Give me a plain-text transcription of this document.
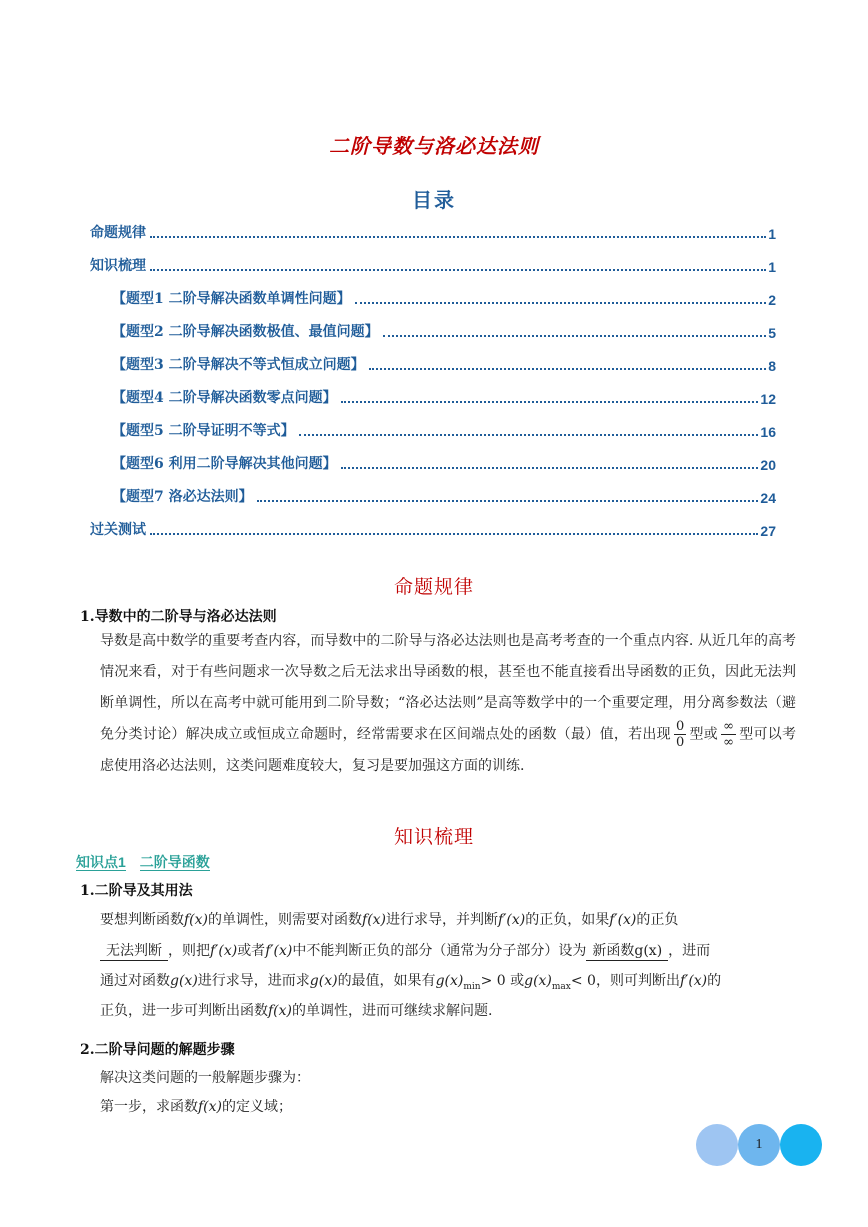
二阶导数与洛必达法则
目录
命题规律	1
知识梳理	1
【题型1 二阶导解决函数单调性问题】	2
【题型2 二阶导解决函数极值、最值问题】	5
【题型3 二阶导解决不等式恒成立问题】	8
【题型4 二阶导解决函数零点问题】	12
【题型5 二阶导证明不等式】	16
【题型6 利用二阶导解决其他问题】	20
【题型7 洛必达法则】	24
过关测试	27
命题规律
1.导数中的二阶导与洛必达法则
导数是高中数学的重要考查内容，而导数中的二阶导与洛必达法则也是高考考查的一个重点内容. 从近几年的高考情况来看，对于有些问题求一次导数之后无法求出导函数的根，甚至也不能直接看出导函数的正负，因此无法判断单调性，所以在高考中就可能用到二阶导数；“洛必达法则”是高等数学中的一个重要定理，用分离参数法（避免分类讨论）解决成立或恒成立命题时，经常需要求在区间端点处的函数（最）值，若出现 $\frac{0}{0}$ 型或 $\frac{\infty}{\infty}$ 型可以考虑使用洛必达法则，这类问题难度较大，复习是要加强这方面的训练.
知识梳理
知识点1 二阶导函数
1.二阶导及其用法
要想判断函数f(x)的单调性，则需要对函数f(x)进行求导，并判断f′(x)的正负，如果f′(x)的正负
无法判断 ，则把f′(x)或者f′(x)中不能判断正负的部分（通常为分子部分）设为 新函数g(x) ，进而
通过对函数g(x)进行求导，进而求g(x)的最值，如果有$g(x)_{min}> 0$ 或$g(x)_{max}< 0$，则可判断出f′(x)的
正负，进一步可判断出函数f(x)的单调性，进而可继续求解问题.
2.二阶导问题的解题步骤
解决这类问题的一般解题步骤为：
第一步，求函数f(x)的定义域；
1
